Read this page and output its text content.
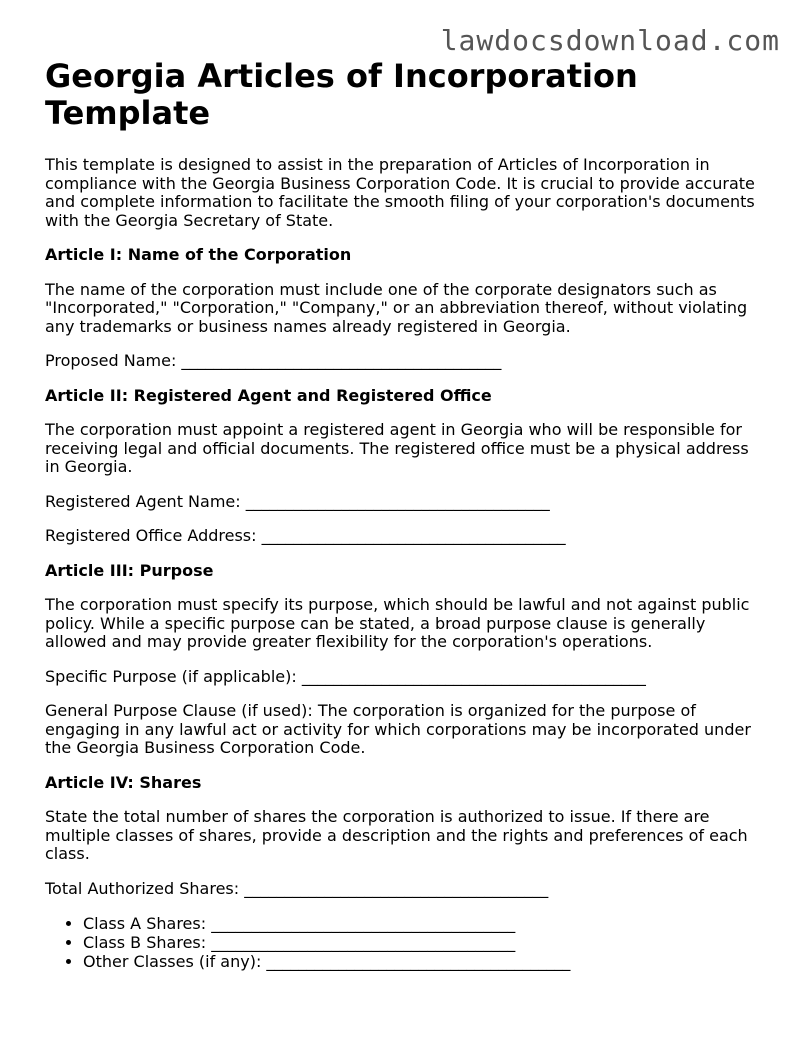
lawdocsdownload.com
Georgia Articles of Incorporation Template

This template is designed to assist in the preparation of Articles of Incorporation in compliance with the Georgia Business Corporation Code. It is crucial to provide accurate and complete information to facilitate the smooth filing of your corporation's documents with the Georgia Secretary of State.

Article I: Name of the Corporation

The name of the corporation must include one of the corporate designators such as "Incorporated," "Corporation," "Company," or an abbreviation thereof, without violating any trademarks or business names already registered in Georgia.

Proposed Name: ________________________________________
Article II: Registered Agent and Registered Office

The corporation must appoint a registered agent in Georgia who will be responsible for receiving legal and official documents. The registered office must be a physical address in Georgia.

Registered Agent Name: ______________________________________
Registered Office Address: ______________________________________
Article III: Purpose

The corporation must specify its purpose, which should be lawful and not against public policy. While a specific purpose can be stated, a broad purpose clause is generally allowed and may provide greater flexibility for the corporation's operations.

Specific Purpose (if applicable): ___________________________________________

General Purpose Clause (if used): The corporation is organized for the purpose of engaging in any lawful act or activity for which corporations may be incorporated under the Georgia Business Corporation Code.

Article IV: Shares

State the total number of shares the corporation is authorized to issue. If there are multiple classes of shares, provide a description and the rights and preferences of each class.

Total Authorized Shares: ______________________________________
• Class A Shares: ______________________________________
• Class B Shares: ______________________________________
• Other Classes (if any): ______________________________________
